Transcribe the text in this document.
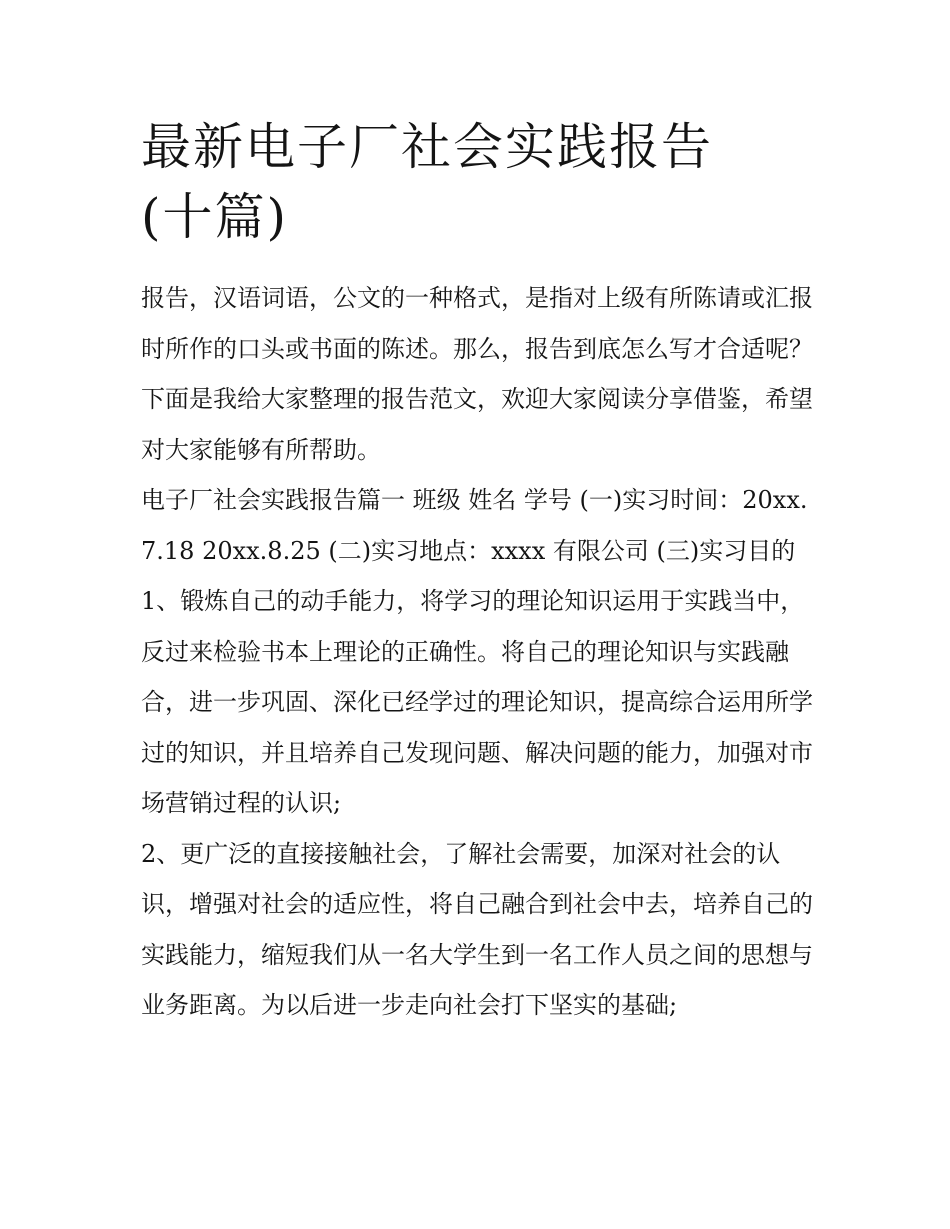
最新电子厂社会实践报告(十篇)

报告，汉语词语，公文的一种格式，是指对上级有所陈请或汇报时所作的口头或书面的陈述。那么，报告到底怎么写才合适呢？下面是我给大家整理的报告范文，欢迎大家阅读分享借鉴，希望对大家能够有所帮助。

电子厂社会实践报告篇一 班级 姓名 学号 (一)实习时间：20xx.7.18 20xx.8.25 (二)实习地点：xxxx 有限公司 (三)实习目的

1、锻炼自己的动手能力，将学习的理论知识运用于实践当中，反过来检验书本上理论的正确性。将自己的理论知识与实践融合，进一步巩固、深化已经学过的理论知识，提高综合运用所学过的知识，并且培养自己发现问题、解决问题的能力，加强对市场营销过程的认识;

2、更广泛的直接接触社会，了解社会需要，加深对社会的认识，增强对社会的适应性，将自己融合到社会中去，培养自己的实践能力，缩短我们从一名大学生到一名工作人员之间的思想与业务距离。为以后进一步走向社会打下坚实的基础;
